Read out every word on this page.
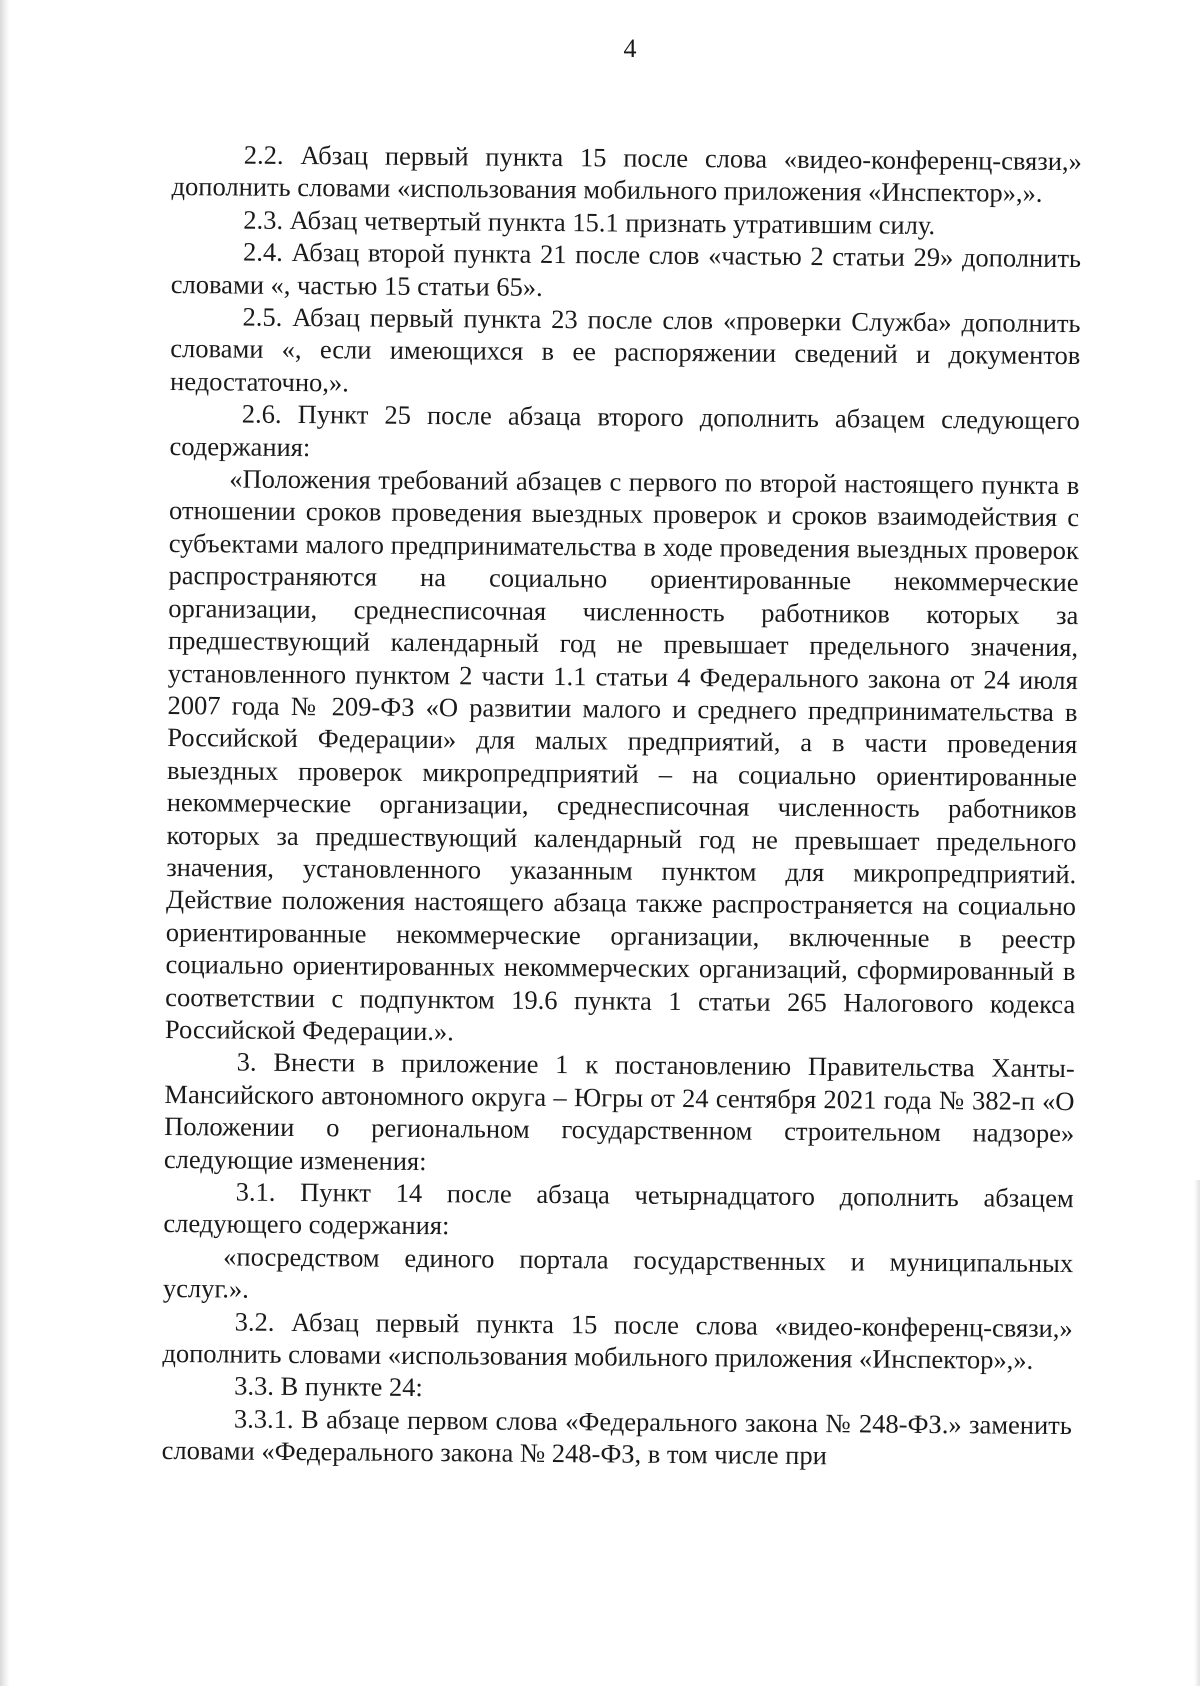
4

2.2. Абзац первый пункта 15 после слова «видео-конференц-связи,» дополнить словами «использования мобильного приложения «Инспектор»,».

2.3. Абзац четвертый пункта 15.1 признать утратившим силу.

2.4. Абзац второй пункта 21 после слов «частью 2 статьи 29» дополнить словами «, частью 15 статьи 65».

2.5. Абзац первый пункта 23 после слов «проверки Служба» дополнить словами «, если имеющихся в ее распоряжении сведений и документов недостаточно,».

2.6. Пункт 25 после абзаца второго дополнить абзацем следующего содержания:

«Положения требований абзацев с первого по второй настоящего пункта в отношении сроков проведения выездных проверок и сроков взаимодействия с субъектами малого предпринимательства в ходе проведения выездных проверок распространяются на социально ориентированные некоммерческие организации, среднесписочная численность работников которых за предшествующий календарный год не превышает предельного значения, установленного пунктом 2 части 1.1 статьи 4 Федерального закона от 24 июля 2007 года № 209-ФЗ «О развитии малого и среднего предпринимательства в Российской Федерации» для малых предприятий, а в части проведения выездных проверок микропредприятий – на социально ориентированные некоммерческие организации, среднесписочная численность работников которых за предшествующий календарный год не превышает предельного значения, установленного указанным пунктом для микропредприятий. Действие положения настоящего абзаца также распространяется на социально ориентированные некоммерческие организации, включенные в реестр социально ориентированных некоммерческих организаций, сформированный в соответствии с подпунктом 19.6 пункта 1 статьи 265 Налогового кодекса Российской Федерации.».

3. Внести в приложение 1 к постановлению Правительства Ханты-Мансийского автономного округа – Югры от 24 сентября 2021 года № 382-п «О Положении о региональном государственном строительном надзоре» следующие изменения:

3.1. Пункт 14 после абзаца четырнадцатого дополнить абзацем следующего содержания:

«посредством единого портала государственных и муниципальных услуг.».

3.2. Абзац первый пункта 15 после слова «видео-конференц-связи,» дополнить словами «использования мобильного приложения «Инспектор»,».

3.3. В пункте 24:

3.3.1. В абзаце первом слова «Федерального закона № 248-ФЗ.» заменить словами «Федерального закона № 248-ФЗ, в том числе при
